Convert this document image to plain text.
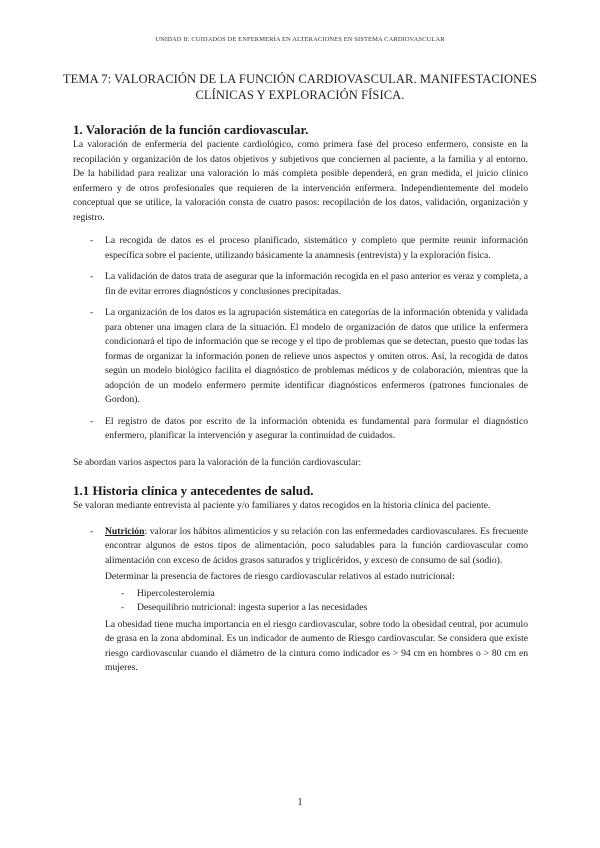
UNIDAD II: CUIDADOS DE ENFERMERÍA EN ALTERACIONES EN SISTEMA CARDIOVASCULAR
TEMA 7: VALORACIÓN DE LA FUNCIÓN CARDIOVASCULAR. MANIFESTACIONES CLÍNICAS Y EXPLORACIÓN FÍSICA.
1. Valoración de la función cardiovascular.

La valoración de enfermería del paciente cardiológico, como primera fase del proceso enfermero, consiste en la recopilación y organización de los datos objetivos y subjetivos que conciernen al paciente, a la familia y al entorno. De la habilidad para realizar una valoración lo más completa posible dependerá, en gran medida, el juicio clínico enfermero y de otros profesionales que requieren de la intervención enfermera. Independientemente del modelo conceptual que se utilice, la valoración consta de cuatro pasos: recopilación de los datos, validación, organización y registro.

- La recogida de datos es el proceso planificado, sistemático y completo que permite reunir información específica sobre el paciente, utilizando básicamente la anamnesis (entrevista) y la exploración física.
- La validación de datos trata de asegurar que la información recogida en el paso anterior es veraz y completa, a fin de evitar errores diagnósticos y conclusiones precipitadas.
- La organización de los datos es la agrupación sistemática en categorías de la información obtenida y validada para obtener una imagen clara de la situación. El modelo de organización de datos que utilice la enfermera condicionará el tipo de información que se recoge y el tipo de problemas que se detectan, puesto que todas las formas de organizar la información ponen de relieve unos aspectos y omiten otros. Así, la recogida de datos según un modelo biológico facilita el diagnóstico de problemas médicos y de colaboración, mientras que la adopción de un modelo enfermero permite identificar diagnósticos enfermeros (patrones funcionales de Gordon).
- El registro de datos por escrito de la información obtenida es fundamental para formular el diagnóstico enfermero, planificar la intervención y asegurar la continuidad de cuidados.

Se abordan varios aspectos para la valoración de la función cardiovascular:

1.1 Historia clínica y antecedentes de salud.

Se valoran mediante entrevista al paciente y/o familiares y datos recogidos en la historia clínica del paciente.

- Nutrición: valorar los hábitos alimenticios y su relación con las enfermedades cardiovasculares. Es frecuente encontrar algunos de estos tipos de alimentación, poco saludables para la función cardiovascular como alimentación con exceso de ácidos grasos saturados y triglicéridos, y exceso de consumo de sal (sodio).

Determinar la presencia de factores de riesgo cardiovascular relativos al estado nutricional:

- Hipercolesterolemia
- Desequilibrio nutricional: ingesta superior a las necesidades

La obesidad tiene mucha importancia en el riesgo cardiovascular, sobre todo la obesidad central, por acumulo de grasa en la zona abdominal. Es un indicador de aumento de Riesgo cardiovascular. Se considera que existe riesgo cardiovascular cuando el diámetro de la cintura como indicador es > 94 cm en hombres o > 80 cm en mujeres.

1
